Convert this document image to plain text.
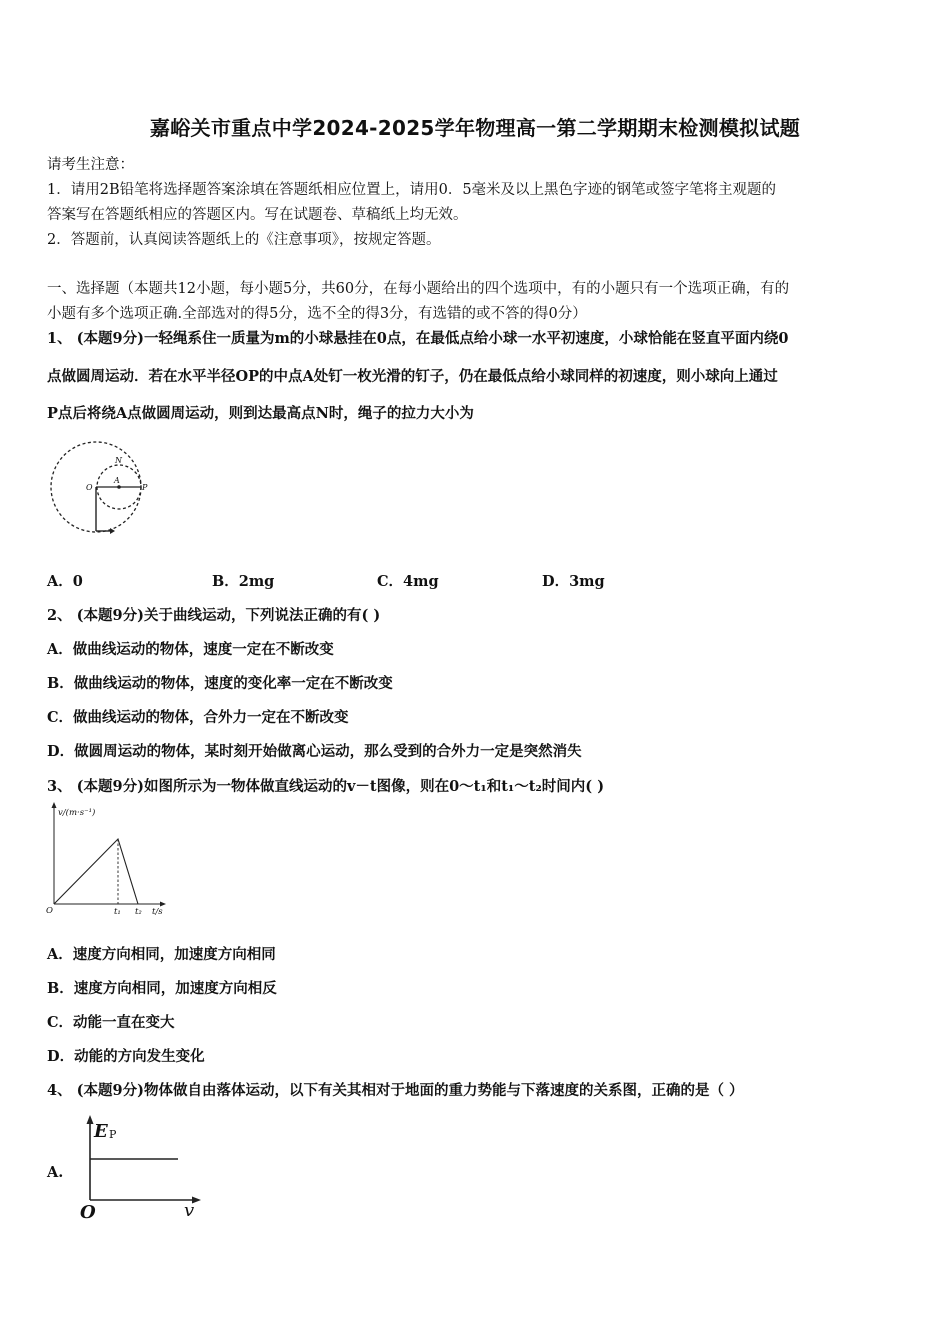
嘉峪关市重点中学2024-2025学年物理高一第二学期期末检测模拟试题
请考生注意：
1．请用2B铅笔将选择题答案涂填在答题纸相应位置上，请用0．5毫米及以上黑色字迹的钢笔或签字笔将主观题的
答案写在答题纸相应的答题区内。写在试题卷、草稿纸上均无效。
2．答题前，认真阅读答题纸上的《注意事项》，按规定答题。
一、选择题（本题共12小题，每小题5分，共60分，在每小题给出的四个选项中，有的小题只有一个选项正确，有的
小题有多个选项正确.全部选对的得5分，选不全的得3分，有选错的或不答的得0分）
1、 (本题9分)一轻绳系住一质量为m的小球悬挂在0点，在最低点给小球一水平初速度，小球恰能在竖直平面内绕0
点做圆周运动．若在水平半径OP的中点A处钉一枚光滑的钉子，仍在最低点给小球同样的初速度，则小球向上通过
P点后将绕A点做圆周运动，则到达最高点N时，绳子的拉力大小为
O
A
P
N
A．0	B．2mg	C．4mg	D．3mg
2、 (本题9分)关于曲线运动，下列说法正确的有( )
A．做曲线运动的物体，速度一定在不断改变
B．做曲线运动的物体，速度的变化率一定在不断改变
C．做曲线运动的物体，合外力一定在不断改变
D．做圆周运动的物体，某时刻开始做离心运动，那么受到的合外力一定是突然消失
3、 (本题9分)如图所示为一物体做直线运动的v－t图像，则在0～t₁和t₁～t₂时间内( )
v/(m·s⁻¹)
O	t₁ t₂ t/s
A．速度方向相同，加速度方向相同
B．速度方向相同，加速度方向相反
C．动能一直在变大
D．动能的方向发生变化
4、 (本题9分)物体做自由落体运动，以下有关其相对于地面的重力势能与下落速度的关系图，正确的是（ ）
A.
E P
O	v
